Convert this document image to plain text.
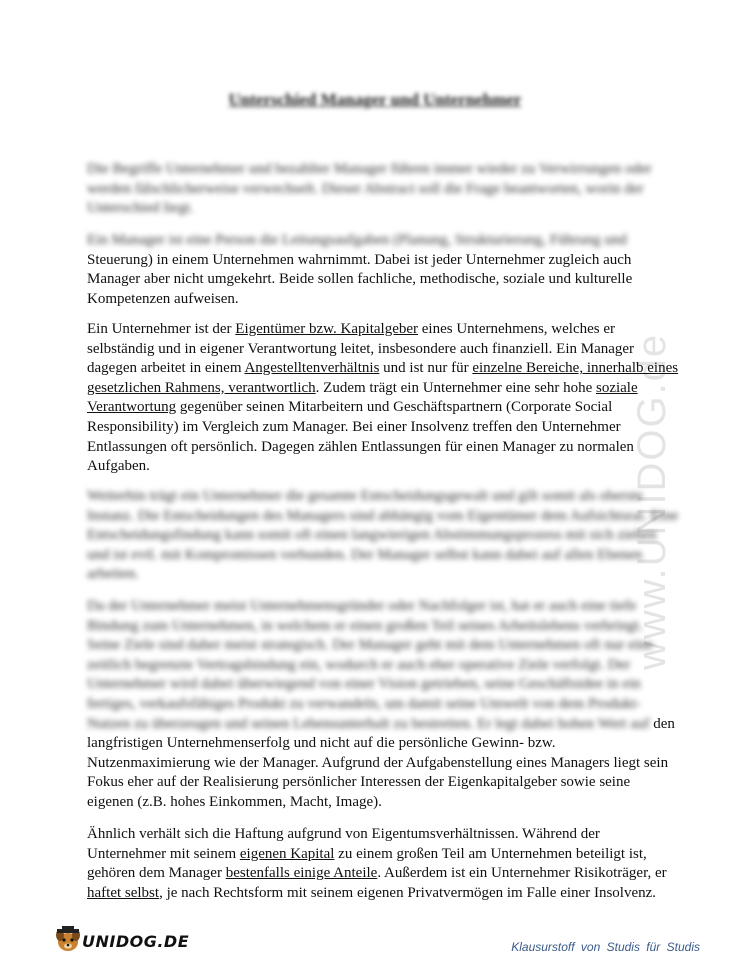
www.UNIDOG.de
Unterschied Manager und Unternehmer

Die Begriffe Unternehmer und bezahlter Manager führen immer wieder zu Verwirrungen oder werden fälschlicherweise verwechselt. Dieser Abstract soll die Frage beantworten, worin der Unterschied liegt.

Ein Manager ist eine Person die Leitungsaufgaben (Planung, Strukturierung, Führung und Steuerung) in einem Unternehmen wahrnimmt. Dabei ist jeder Unternehmer zugleich auch Manager aber nicht umgekehrt. Beide sollen fachliche, methodische, soziale und kulturelle Kompetenzen aufweisen.

Ein Unternehmer ist der Eigentümer bzw. Kapitalgeber eines Unternehmens, welches er selbständig und in eigener Verantwortung leitet, insbesondere auch finanziell. Ein Manager dagegen arbeitet in einem Angestelltenverhältnis und ist nur für einzelne Bereiche, innerhalb eines gesetzlichen Rahmens, verantwortlich. Zudem trägt ein Unternehmer eine sehr hohe soziale Verantwortung gegenüber seinen Mitarbeitern und Geschäftspartnern (Corporate Social Responsibility) im Vergleich zum Manager. Bei einer Insolvenz treffen den Unternehmer Entlassungen oft persönlich. Dagegen zählen Entlassungen für einen Manager zu normalen Aufgaben.

Weiterhin trägt ein Unternehmer die gesamte Entscheidungsgewalt und gilt somit als oberste Instanz. Die Entscheidungen des Managers sind abhängig vom Eigentümer dem Aufsichtsrat. Eine Entscheidungsfindung kann somit oft einen langwierigen Abstimmungsprozess mit sich ziehen und ist evtl. mit Kompromissen verbunden. Der Manager selbst kann dabei auf allen Ebenen arbeiten.

Da der Unternehmer meist Unternehmensgründer oder Nachfolger ist, hat er auch eine tiefe Bindung zum Unternehmen, in welchem er einen großen Teil seines Arbeitslebens verbringt. Seine Ziele sind daher meist strategisch. Der Manager geht mit dem Unternehmen oft nur eine zeitlich begrenzte Vertragsbindung ein, wodurch er auch eher operative Ziele verfolgt. Der Unternehmer wird dabei überwiegend von einer Vision getrieben, seine Geschäftsidee in ein fertiges, verkaufsfähiges Produkt zu verwandeln, um damit seine Umwelt von dem Produkt-Nutzen zu überzeugen und seinen Lebensunterhalt zu bestreiten. Er legt dabei hohen Wert auf den langfristigen Unternehmenserfolg und nicht auf die persönliche Gewinn- bzw. Nutzenmaximierung wie der Manager. Aufgrund der Aufgabenstellung eines Managers liegt sein Fokus eher auf der Realisierung persönlicher Interessen der Eigenkapitalgeber sowie seine eigenen (z.B. hohes Einkommen, Macht, Image).

Ähnlich verhält sich die Haftung aufgrund von Eigentumsverhältnissen. Während der Unternehmer mit seinem eigenen Kapital zu einem großen Teil am Unternehmen beteiligt ist, gehören dem Manager bestenfalls einige Anteile. Außerdem ist ein Unternehmer Risikoträger, er haftet selbst, je nach Rechtsform mit seinem eigenen Privatvermögen im Falle einer Insolvenz.

UNIDOG.DE	Klausurstoff von Studis für Studis
